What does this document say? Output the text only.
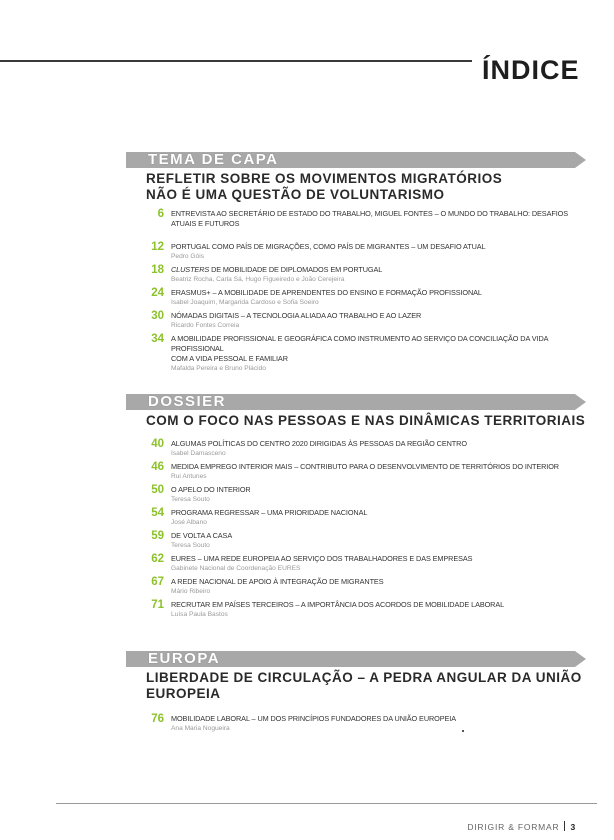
ÍNDICE
TEMA DE CAPA
REFLETIR SOBRE OS MOVIMENTOS MIGRATÓRIOS
NÃO É UMA QUESTÃO DE VOLUNTARISMO
6 ENTREVISTA AO SECRETÁRIO DE ESTADO DO TRABALHO, MIGUEL FONTES – O MUNDO DO TRABALHO: DESAFIOS ATUAIS E FUTUROS
12 PORTUGAL COMO PAÍS DE MIGRAÇÕES, COMO PAÍS DE MIGRANTES – UM DESAFIO ATUAL
Pedro Góis
18 CLUSTERS DE MOBILIDADE DE DIPLOMADOS EM PORTUGAL
Beatriz Rocha, Carla Sá, Hugo Figueiredo e João Cerejeira
24 ERASMUS+ – A MOBILIDADE DE APRENDENTES DO ENSINO E FORMAÇÃO PROFISSIONAL
Isabel Joaquim, Margarida Cardoso e Sofia Soeiro
30 NÓMADAS DIGITAIS – A TECNOLOGIA ALIADA AO TRABALHO E AO LAZER
Ricardo Fontes Correia
34 A MOBILIDADE PROFISSIONAL E GEOGRÁFICA COMO INSTRUMENTO AO SERVIÇO DA CONCILIAÇÃO DA VIDA PROFISSIONAL
COM A VIDA PESSOAL E FAMILIAR
Mafalda Pereira e Bruno Plácido
DOSSIER
COM O FOCO NAS PESSOAS E NAS DINÂMICAS TERRITORIAIS
40 ALGUMAS POLÍTICAS DO CENTRO 2020 DIRIGIDAS ÀS PESSOAS DA REGIÃO CENTRO
Isabel Damasceno
46 MEDIDA EMPREGO INTERIOR MAIS – CONTRIBUTO PARA O DESENVOLVIMENTO DE TERRITÓRIOS DO INTERIOR
Rui Antunes
50 O APELO DO INTERIOR
Teresa Souto
54 PROGRAMA REGRESSAR – UMA PRIORIDADE NACIONAL
José Albano
59 DE VOLTA A CASA
Teresa Souto
62 EURES – UMA REDE EUROPEIA AO SERVIÇO DOS TRABALHADORES E DAS EMPRESAS
Gabinete Nacional de Coordenação EURES
67 A REDE NACIONAL DE APOIO À INTEGRAÇÃO DE MIGRANTES
Mário Ribeiro
71 RECRUTAR EM PAÍSES TERCEIROS – A IMPORTÂNCIA DOS ACORDOS DE MOBILIDADE LABORAL
Luísa Paula Bastos
EUROPA
LIBERDADE DE CIRCULAÇÃO – A PEDRA ANGULAR DA UNIÃO EUROPEIA
76 MOBILIDADE LABORAL – UM DOS PRINCÍPIOS FUNDADORES DA UNIÃO EUROPEIA
Ana Maria Nogueira
DIRIGIR & FORMAR 3
